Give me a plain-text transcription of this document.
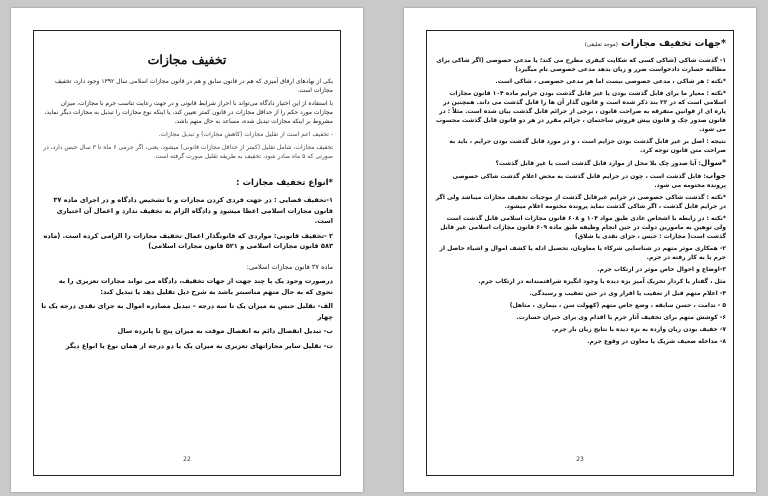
تخفیف مجازات

یکی از نهادهای ارفاق آمیزی که هم در قانون سابق و هم در قانون مجازات اسلامی سال ۱۳۹۲ وجود دارد، تخفیف مجازات است.

با استفاده از این اختیار دادگاه می‌تواند با احراز شرایط قانونی و در جهت رعایت تناسب جرم با مجازات، میزان مجازات مورد حکم را از حداقل مجازات در قانون کمتر تعیین کند، یا اینکه نوع مجازات را تبدیل به مجازات دیگر نماید، مشروط بر اینکه مجازات تبدیل شده، مساعد به حال متهم باشد.

- تخفیف اعم است از تقلیل مجازات (کاهش مجازات) و تبدیل مجازات.

تخفیف مجازات، شامل تقلیل (کمتر از حداقل مجازات قانونی) میشود، یعنی، اگر جرمی ۶ ماه تا ۳ سال حبس دارد، در صورتی که ۵ ماه صادر شود، تخفیف به طریقه تقلیل صورت گرفته است.

*انواع تخفیف مجازات :

۱-تخفیف قضایی : در جهت فردی کردن مجازات و با تشخیص دادگاه و در اجرای ماده ۳۷ قانون مجازات اسلامی اعطا میشود و دادگاه الزام به تخفیف ندارد و اعمال آن اختیاری است.

۲ -تخفیف قانونی: مواردی که قانونگذار اعمال تخفیف مجازات را الزامی کرده است. (ماده ۵۸۳ قانون مجازات اسلامی و ۵۲۱ قانون مجازات اسلامی)

ماده ۳۷ قانون مجازات اسلامی:

درصورت وجود یک یا چند جهت از جهات تخفیف، دادگاه می تواند مجازات تعزیری را به نحوی که به حال متهم مناسبتر باشد به شرح ذیل تقلیل دهد یا تبدیل کند:

الف- تقلیل حبس به میزان یک تا سه درجه – تبدیل مصادره اموال به جزای نقدی درجه یک تا چهار

ب- تبدیل انفصال دائم به انفصال موقت به میزان پنج تا پانزده سال

ت- تقلیل سایر مجازاتهای تعزیری به میزان یک یا دو درجه از همان نوع یا انواع دیگر

22
*جهات تخفیف مجازات (موجد تعلیقی)

۱- گذشت شاکی (شاکی کسی که شکایت کیفری مطرح می کند؛ یا مدعی خصوصی (اگر شاکی برای مطالبه خسارت دادخواست ضرر و زیان بدهد مدعی خصوصی نام میگیرد)

*نکته : هر شاکی ، مدعی خصوصی نیست اما هر مدعی خصوصی ، شاکی است.

*نکته : معیار ما برای قابل گذشت بودن یا غیر قابل گذشت بودن جرایم ماده ۱۰۴ قانون مجازات اسلامی است که در ۲۲ بند ذکر شده است و قانون گذار آن ها را قابل گذشت می داند. همچنین در پاره ای از قوانین متفرقه به صراحت قانون ، برخی از جرائم قابل گذشت بیان شده است. مثلاً : در قانون صدور چک و قانون پیش فروش ساختمان ، جرائم مقرر در هر دو قانون قابل گذشت محسوب می شود.

نتیجه : اصل بر غیر قابل گذشت بودن جرایم است ، و در مورد قابل گذشت بودن جرایم ، باید به صراحت متن قانون توجه کرد.

*سوال: آیا صدور چک بلا محل از موارد قابل گذشت است یا غیر قابل گذشت؟

جواب: قابل گذشت است ، چون در جرایم قابل گذشت به محض اعلام گذشت شاکی خصوصی پرونده مختومه می شود.

*نکته : گذشت شاکی خصوصی در جرایم غیرقابل گذشت از موجبات تخفیف مجازات میباشد ولی اگر در جرایم قابل گذشت ، اگر شاکی گذشت نماید پرونده مختومه اعلام میشود.

*نکته : در رابطه با اشخاص عادی طبق مواد ۱۰۴ و ۶۰۸ قانون مجازات اسلامی قابل گذشت است ولی توهین به مامورین دولت در حین انجام وظیفه طبق ماده ۶۰۹ قانون مجازات اسلامی غیر قابل گذشت است( مجازات : حبس ، جزای نقدی یا شلاق)

۲- همکاری موثر متهم در شناسایی شرکاء یا معاونان، تحصیل ادله یا کشف اموال و اشیاء حاصل از جرم یا به کار رفته در جرم.

۳-اوضاع و احوال خاص موثر در ارتکاب جرم.

مثل ، گفتار یا کردار تحریک آمیز بزه دیده یا وجود انگیزه شرافتمندانه در ارتکاب جرم.

۴- اعلام متهم قبل از تعقیب یا اقرار وی در حین تعقیب و رسیدگی.

۵ - ندامت ، حسن سابقه ، وضع خاص متهم (کهولت سن ، بیماری ، متاهل)

۶- کوشش متهم برای تخفیف آثار جرم یا اقدام وی برای جبران خسارت.

۷- خفیف بودن زیان وارده به بزه دیده یا نتایج زیان بار جرم.

۸- مداخله ضعیف شریک یا معاون در وقوع جرم.

23
